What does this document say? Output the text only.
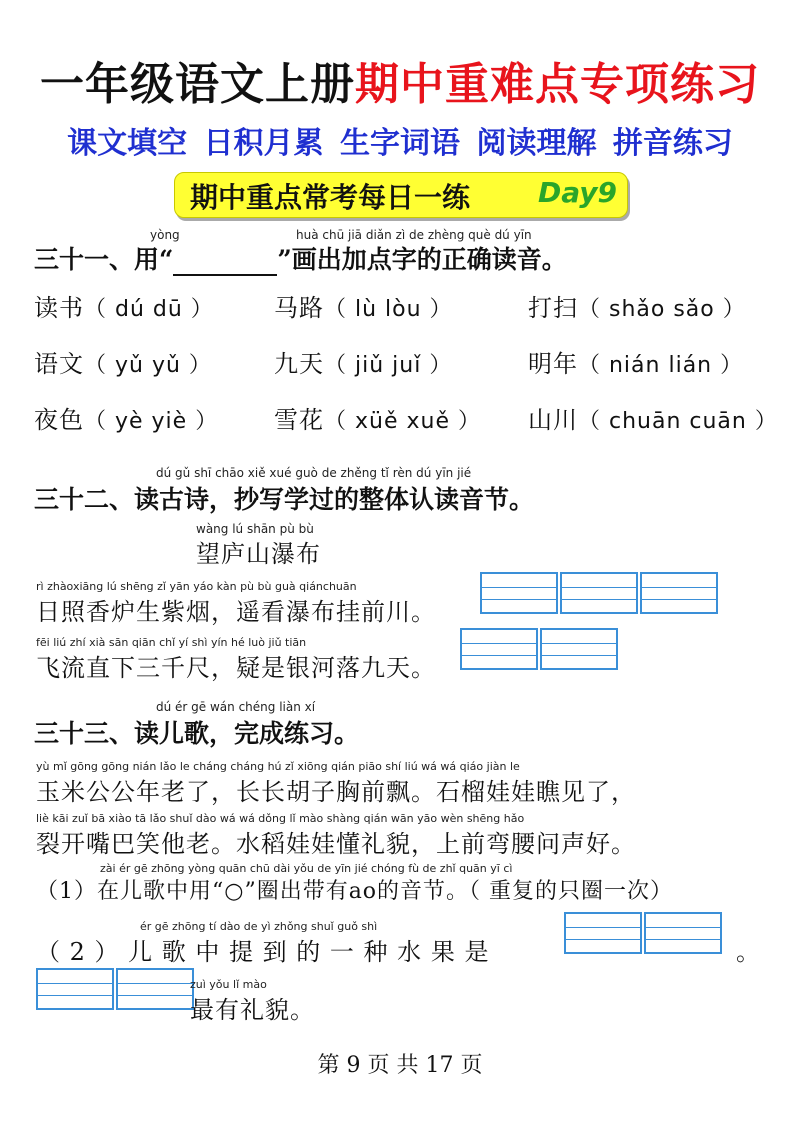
一年级语文上册期中重难点专项练习
课文填空 日积月累 生字词语 阅读理解 拼音练习
期中重点常考每日一练 Day9
yòng	huà chū jiā diǎn zì de zhèng què dú yīn
三十一、用“	”画出加点字的正确读音。
读书（ dú dū ）	马路（ lù lòu ）	打扫（ shǎo sǎo ）
语文（ yǔ yǔ ）	九天（ jiǔ juǐ ）	明年（ nián lián ）
夜色（ yè yiè ） 雪花（ xüě xuě ） 山川（ chuān cuān ）
dú gǔ shī chāo xiě xué guò de zhěng tǐ rèn dú yīn jié
三十二、读古诗，抄写学过的整体认读音节。
wàng lú shān pù bù
望庐山瀑布
rì zhàoxiāng lú shēng zǐ yān yáo kàn pù bù guà qiánchuān
日照香炉生紫烟，遥看瀑布挂前川。
fēi liú zhí xià sān qiān chǐ yí shì yín hé luò jiǔ tiān
飞流直下三千尺，疑是银河落九天。
dú ér gē wán chéng liàn xí
三十三、读儿歌，完成练习。
yù mǐ gōng gōng nián lǎo le cháng cháng hú zǐ xiōng qián piāo shí liú wá wá qiáo jiàn le
玉米公公年老了，长长胡子胸前飘。石榴娃娃瞧见了，
liè kāi zuǐ bā xiào tā lǎo shuǐ dào wá wá dǒng lǐ mào shàng qián wān yāo wèn shēng hǎo
裂开嘴巴笑他老。水稻娃娃懂礼貌，上前弯腰问声好。
zài ér gē zhōng yòng quān chū dài yǒu de yīn jié chóng fù de zhǐ quān yī cì
（1）在儿歌中用“○”圈出带有ao的音节。（ 重复的只圈一次）
ér gē zhōng tí dào de yì zhǒng shuǐ guǒ shì
（ 2 ） 儿 歌 中 提 到 的 一 种 水 果 是	。
zuì yǒu lǐ mào
最有礼貌。
第 9 页 共 17 页
